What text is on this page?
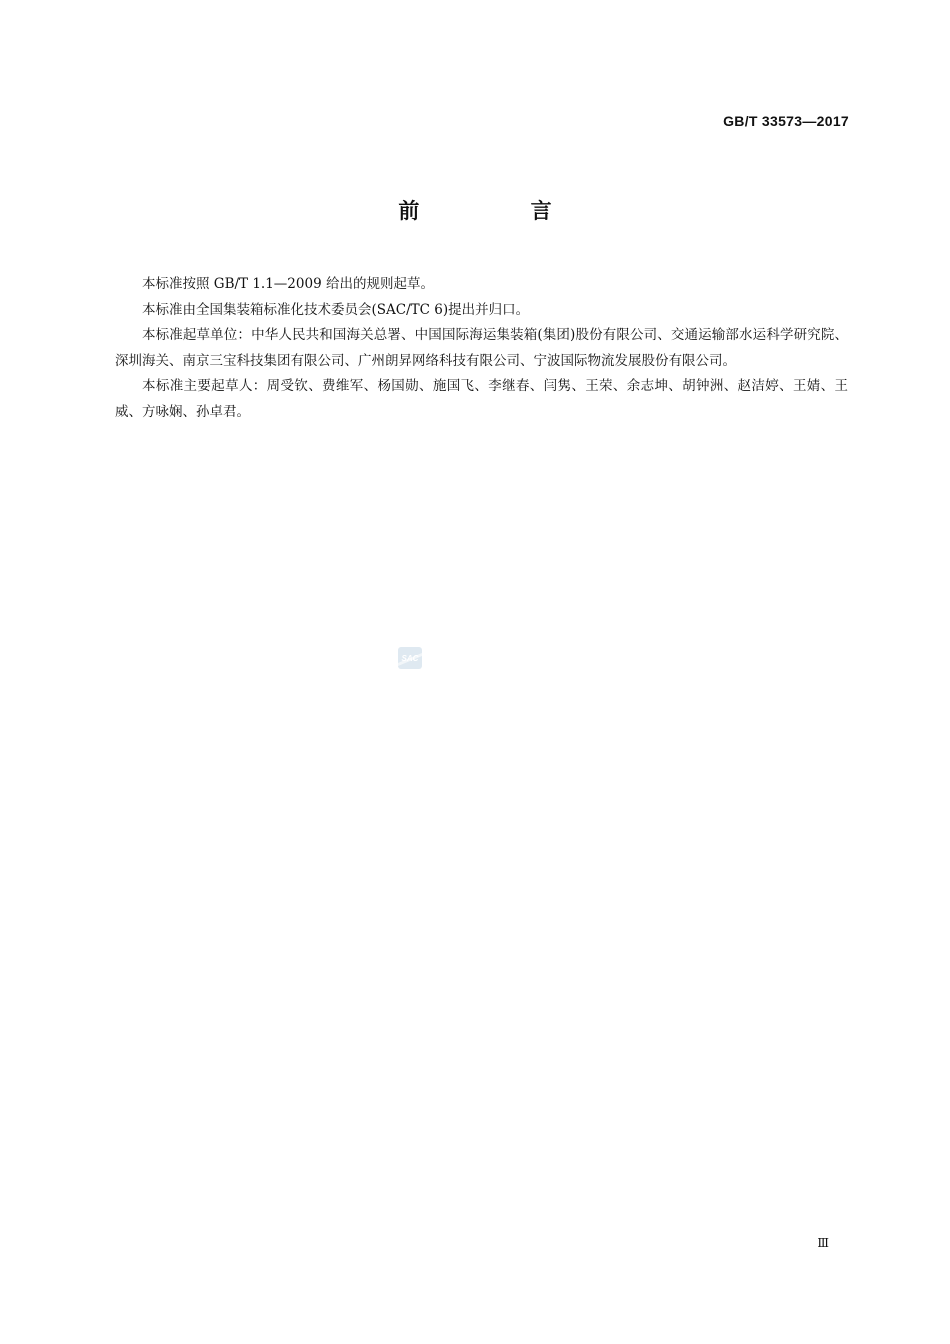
GB/T 33573—2017
前 言

本标准按照 GB/T 1.1—2009 给出的规则起草。

本标准由全国集装箱标准化技术委员会(SAC/TC 6)提出并归口。

本标准起草单位：中华人民共和国海关总署、中国国际海运集装箱(集团)股份有限公司、交通运输部水运科学研究院、深圳海关、南京三宝科技集团有限公司、广州朗昇网络科技有限公司、宁波国际物流发展股份有限公司。

本标准主要起草人：周受钦、费维军、杨国勋、施国飞、李继春、闫隽、王荣、余志坤、胡钟洲、赵洁婷、王婧、王威、方咏娴、孙卓君。

SAC
Ⅲ
